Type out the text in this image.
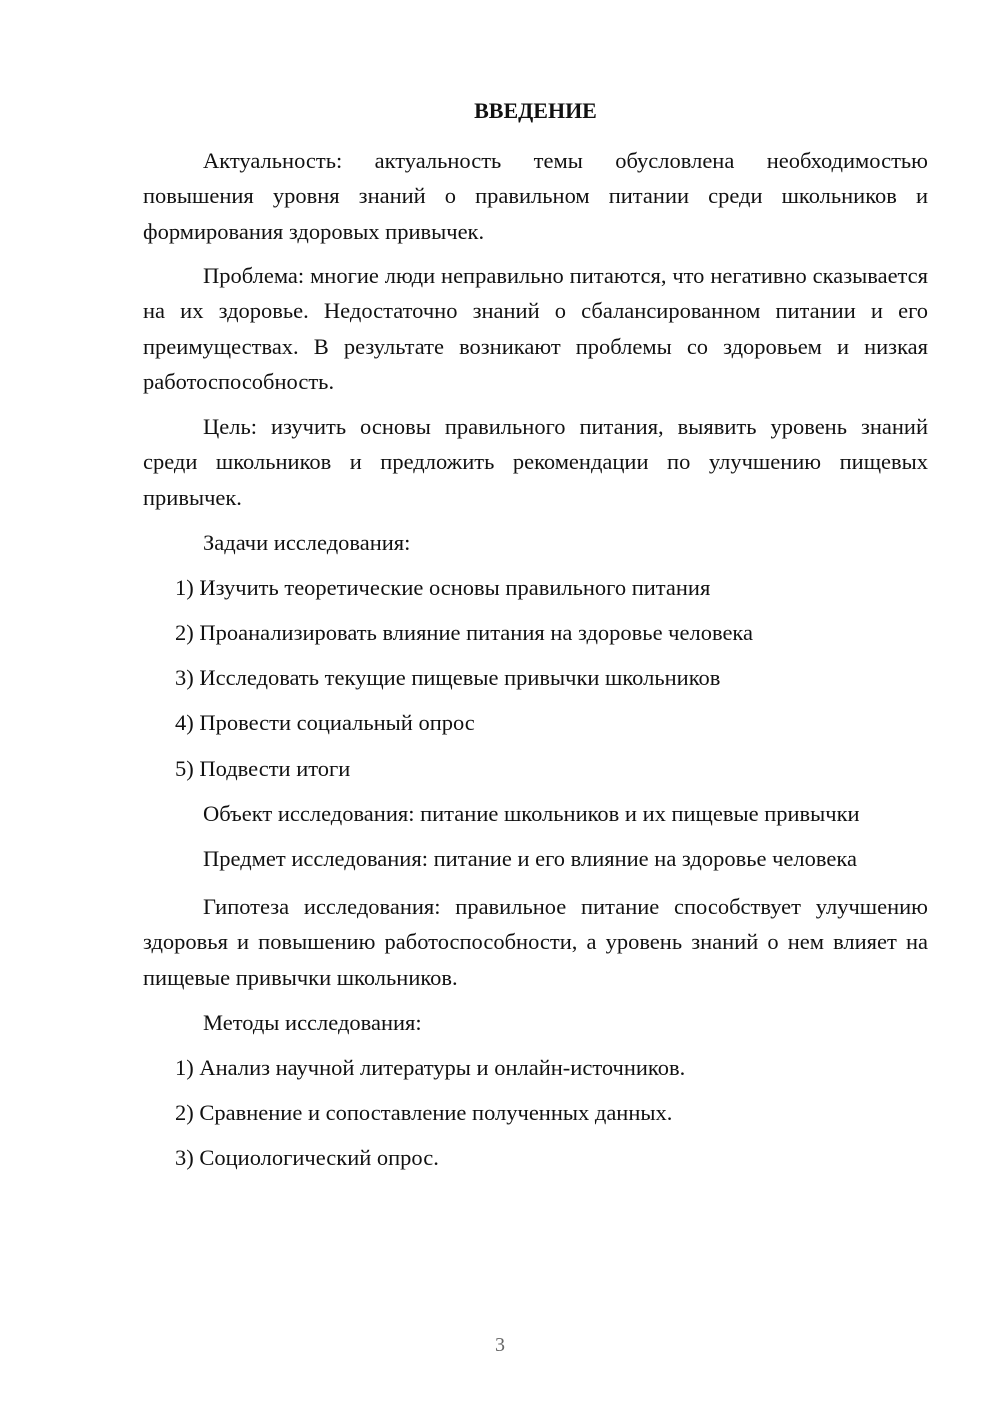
ВВЕДЕНИЕ

Актуальность: актуальность темы обусловлена необходимостью повышения уровня знаний о правильном питании среди школьников и формирования здоровых привычек.

Проблема: многие люди неправильно питаются, что негативно сказывается на их здоровье. Недостаточно знаний о сбалансированном питании и его преимуществах. В результате возникают проблемы со здоровьем и низкая работоспособность.

Цель: изучить основы правильного питания, выявить уровень знаний среди школьников и предложить рекомендации по улучшению пищевых привычек.

Задачи исследования:

1) Изучить теоретические основы правильного питания

2) Проанализировать влияние питания на здоровье человека

3) Исследовать текущие пищевые привычки школьников

4) Провести социальный опрос

5) Подвести итоги

Объект исследования: питание школьников и их пищевые привычки

Предмет исследования: питание и его влияние на здоровье человека

Гипотеза исследования: правильное питание способствует улучшению здоровья и повышению работоспособности, а уровень знаний о нем влияет на пищевые привычки школьников.

Методы исследования:

1) Анализ научной литературы и онлайн-источников.

2) Сравнение и сопоставление полученных данных.

3) Социологический опрос.

3
